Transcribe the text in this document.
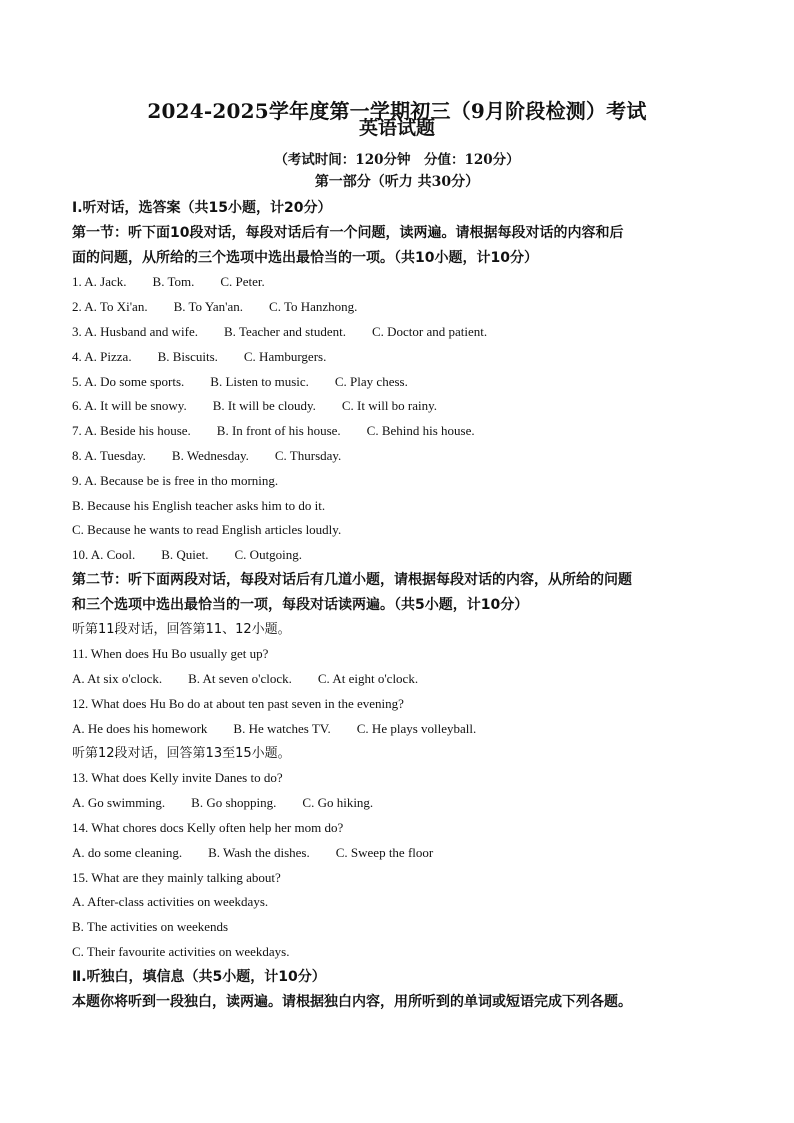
2024-2025学年度第一学期初三（9月阶段检测）考试
英语试题
（考试时间：120分钟　分值：120分）
第一部分（听力 共30分）
Ⅰ.听对话，选答案（共15小题，计20分）
第一节：听下面10段对话，每段对话后有一个问题，读两遍。请根据每段对话的内容和后
面的问题，从所给的三个选项中选出最恰当的一项。（共10小题，计10分）
1. A. Jack.　　B. Tom.　　C. Peter.
2. A. To Xi'an.　　B. To Yan'an.　　C. To Hanzhong.
3. A. Husband and wife.　　B. Teacher and student.　　C. Doctor and patient.
4. A. Pizza.　　B. Biscuits.　　C. Hamburgers.
5. A. Do some sports.　　B. Listen to music.　　C. Play chess.
6. A. It will be snowy.　　B. It will be cloudy.　　C. It will bo rainy.
7. A. Beside his house.　　B. In front of his house.　　C. Behind his house.
8. A. Tuesday.　　B. Wednesday.　　C. Thursday.
9. A. Because be is free in tho morning.
B. Because his English teacher asks him to do it.
C. Because he wants to read English articles loudly.
10. A. Cool.　　B. Quiet.　　C. Outgoing.
第二节：听下面两段对话，每段对话后有几道小题，请根据每段对话的内容，从所给的问题
和三个选项中选出最恰当的一项，每段对话读两遍。（共5小题，计10分）
听第11段对话，回答第11、12小题。
11. When does Hu Bo usually get up?
A. At six o'clock.　　B. At seven o'clock.　　C. At eight o'clock.
12. What does Hu Bo do at about ten past seven in the evening?
A. He does his homework　　B. He watches TV.　　C. He plays volleyball.
听第12段对话，回答第13至15小题。
13. What does Kelly invite Danes to do?
A. Go swimming.　　B. Go shopping.　　C. Go hiking.
14. What chores docs Kelly often help her mom do?
A. do some cleaning.　　B. Wash the dishes.　　C. Sweep the floor
15. What are they mainly talking about?
A. After-class activities on weekdays.
B. The activities on weekends
C. Their favourite activities on weekdays.
Ⅱ.听独白，填信息（共5小题，计10分）
本题你将听到一段独白，读两遍。请根据独白内容，用所听到的单词或短语完成下列各题。
